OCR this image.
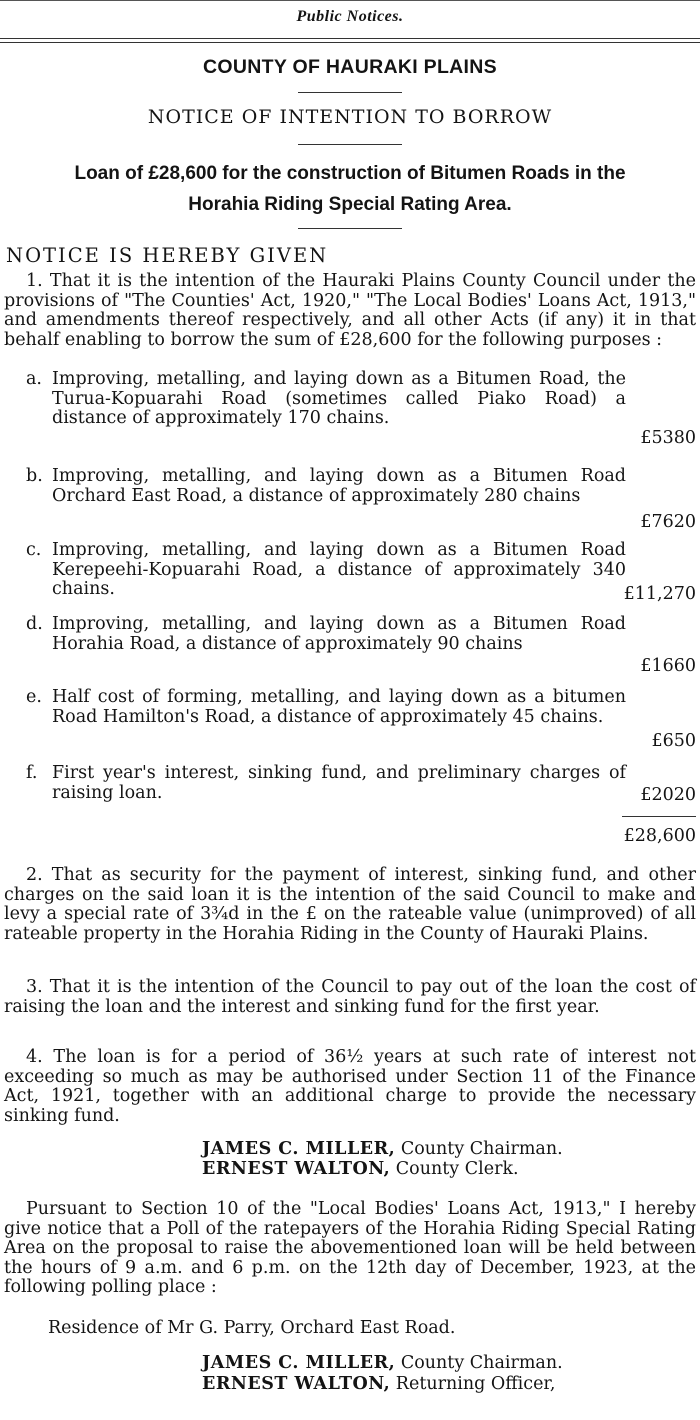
Public Notices.
COUNTY OF HAURAKI PLAINS
NOTICE OF INTENTION TO BORROW
Loan of £28,600 for the construction of Bitumen Roads in the
Horahia Riding Special Rating Area.
NOTICE IS HEREBY GIVEN
1. That it is the intention of the Hauraki Plains County Council under the provisions of "The Counties' Act, 1920," "The Local Bodies' Loans Act, 1913," and amendments thereof respectively, and all other Acts (if any) it in that behalf enabling to borrow the sum of £28,600 for the following purposes :
a. Improving, metalling, and laying down as a Bitumen Road, the Turua-Kopuarahi Road (sometimes called Piako Road) a distance of approximately 170 chains.
£5380
b. Improving, metalling, and laying down as a Bitumen Road Orchard East Road, a distance of approximately 280 chains
£7620
c. Improving, metalling, and laying down as a Bitumen Road Kerepeehi-Kopuarahi Road, a distance of approximately 340 chains.	£11,270
d. Improving, metalling, and laying down as a Bitumen Road Horahia Road, a distance of approximately 90 chains
£1660
e. Half cost of forming, metalling, and laying down as a bitumen Road Hamilton's Road, a distance of approximately 45 chains.
£650
f. First year's interest, sinking fund, and preliminary charges of raising loan.	£2020
£28,600
2. That as security for the payment of interest, sinking fund, and other charges on the said loan it is the intention of the said Council to make and levy a special rate of 3¾d in the £ on the rateable value (unimproved) of all rateable property in the Horahia Riding in the County of Hauraki Plains.
3. That it is the intention of the Council to pay out of the loan the cost of raising the loan and the interest and sinking fund for the first year.
4. The loan is for a period of 36½ years at such rate of interest not exceeding so much as may be authorised under Section 11 of the Finance Act, 1921, together with an additional charge to provide the necessary sinking fund.
JAMES C. MILLER, County Chairman.
ERNEST WALTON, County Clerk.
Pursuant to Section 10 of the "Local Bodies' Loans Act, 1913," I hereby give notice that a Poll of the ratepayers of the Horahia Riding Special Rating Area on the proposal to raise the abovementioned loan will be held between the hours of 9 a.m. and 6 p.m. on the 12th day of December, 1923, at the following polling place :
Residence of Mr G. Parry, Orchard East Road.
JAMES C. MILLER, County Chairman.
ERNEST WALTON, Returning Officer,
